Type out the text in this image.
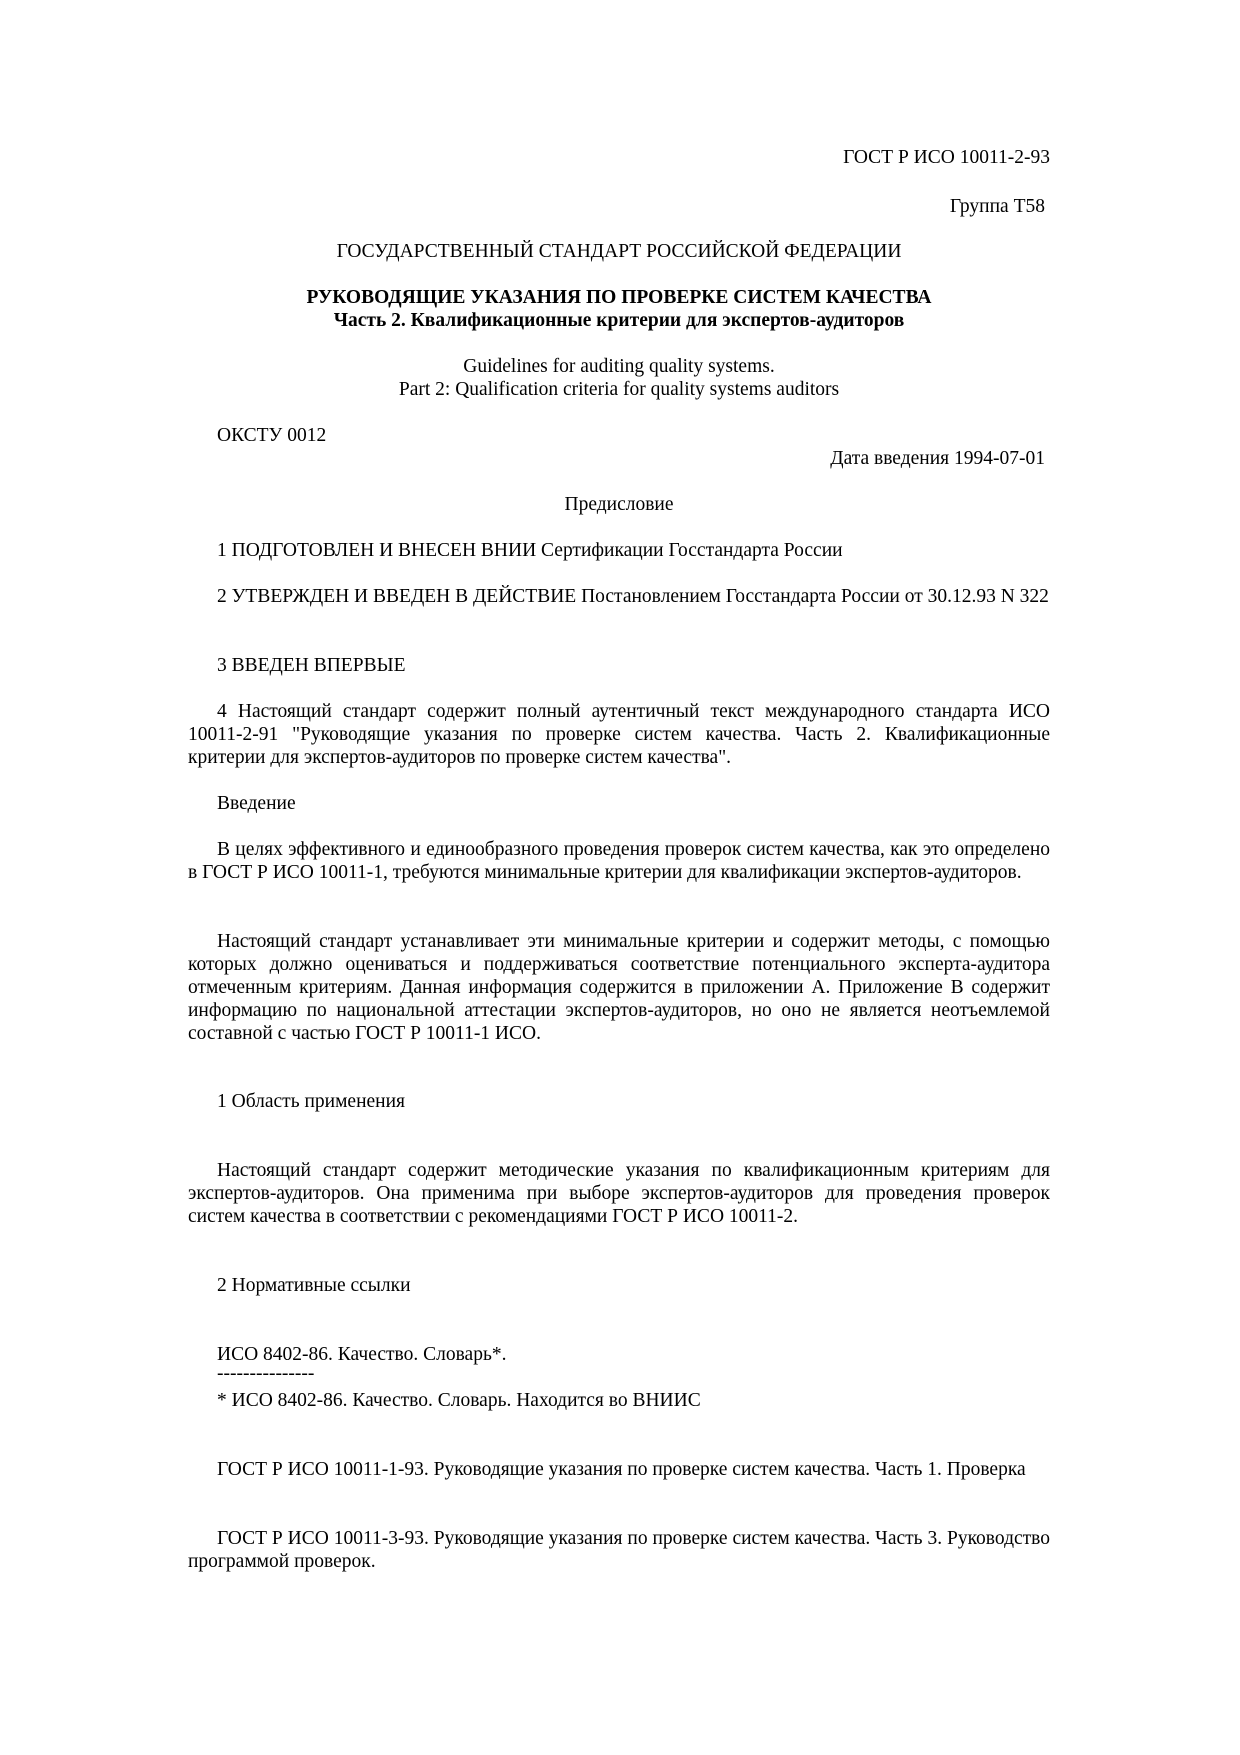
ГОСТ Р ИСО 10011-2-93

Группа Т58

ГОСУДАРСТВЕННЫЙ СТАНДАРТ РОССИЙСКОЙ ФЕДЕРАЦИИ

РУКОВОДЯЩИЕ УКАЗАНИЯ ПО ПРОВЕРКЕ СИСТЕМ КАЧЕСТВА

Часть 2. Квалификационные критерии для экспертов-аудиторов

Guidelines for auditing quality systems.

Part 2: Qualification criteria for quality systems auditors

ОКСТУ 0012

Дата введения 1994-07-01

Предисловие

1 ПОДГОТОВЛЕН И ВНЕСЕН ВНИИ Сертификации Госстандарта России

2 УТВЕРЖДЕН И ВВЕДЕН В ДЕЙСТВИЕ Постановлением Госстандарта России от 30.12.93 N 322

3 ВВЕДЕН ВПЕРВЫЕ

4 Настоящий стандарт содержит полный аутентичный текст международного стандарта ИСО 10011-2-91 "Руководящие указания по проверке систем качества. Часть 2. Квалификационные критерии для экспертов-аудиторов по проверке систем качества".

Введение

В целях эффективного и единообразного проведения проверок систем качества, как это определено в ГОСТ Р ИСО 10011-1, требуются минимальные критерии для квалификации экспертов-аудиторов.

Настоящий стандарт устанавливает эти минимальные критерии и содержит методы, с помощью которых должно оцениваться и поддерживаться соответствие потенциального эксперта-аудитора отмеченным критериям. Данная информация содержится в приложении А. Приложение В содержит информацию по национальной аттестации экспертов-аудиторов, но оно не является неотъемлемой составной с частью ГОСТ Р 10011-1 ИСО.

1 Область применения

Настоящий стандарт содержит методические указания по квалификационным критериям для экспертов-аудиторов. Она применима при выборе экспертов-аудиторов для проведения проверок систем качества в соответствии с рекомендациями ГОСТ Р ИСО 10011-2.

2 Нормативные ссылки

ИСО 8402-86. Качество. Словарь*.

---------------

* ИСО 8402-86. Качество. Словарь. Находится во ВНИИС

ГОСТ Р ИСО 10011-1-93. Руководящие указания по проверке систем качества. Часть 1. Проверка

ГОСТ Р ИСО 10011-3-93. Руководящие указания по проверке систем качества. Часть 3. Руководство программой проверок.
